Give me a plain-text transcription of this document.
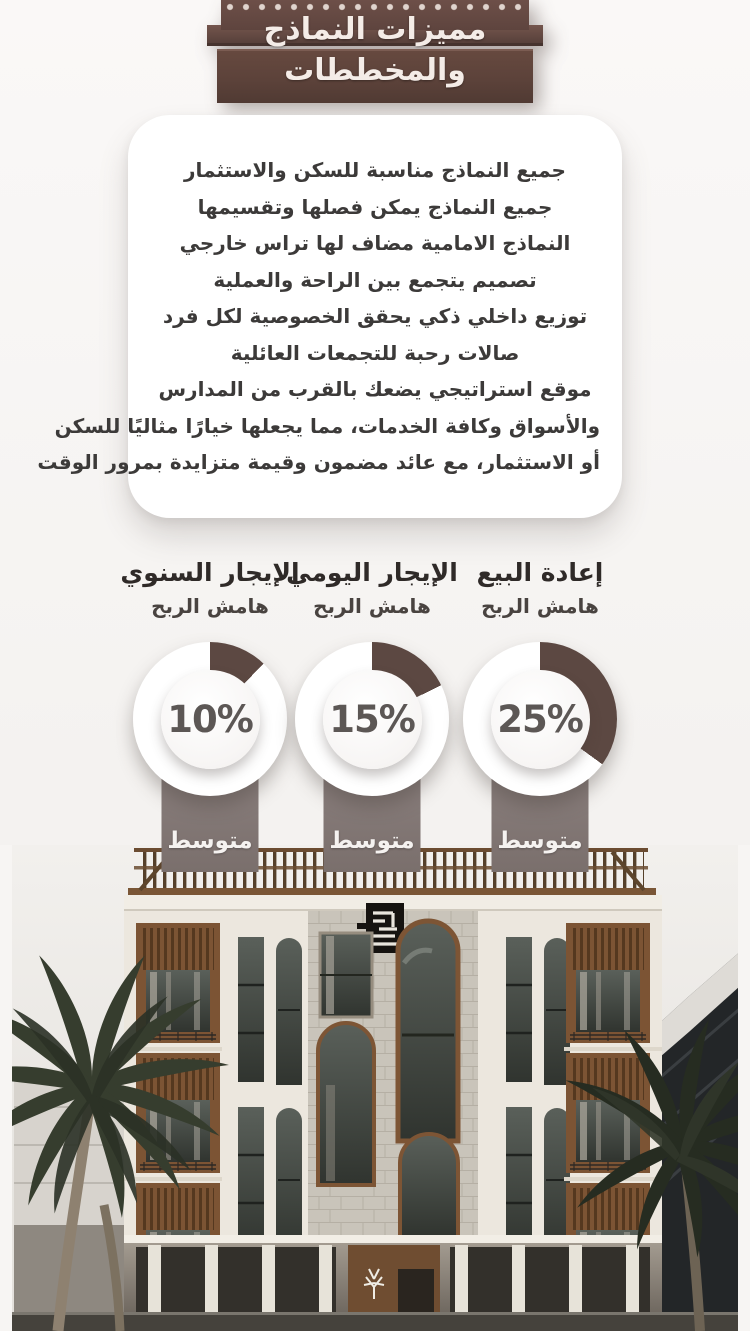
مميزات النماذج
والمخططات
جميع النماذج مناسبة للسكن والاستثمار
جميع النماذج يمكن فصلها وتقسيمها
النماذج الامامية مضاف لها تراس خارجي
تصميم يتجمع بين الراحة والعملية
توزيع داخلي ذكي يحقق الخصوصية لكل فرد
صالات رحبة للتجمعات العائلية
موقع استراتيجي يضعك بالقرب من المدارس
والأسواق وكافة الخدمات، مما يجعلها خيارًا مثاليًا للسكن
أو الاستثمار، مع عائد مضمون وقيمة متزايدة بمرور الوقت
الإيجار السنوي
هامش الربح
10%
متوسط
الإيجار اليومي
هامش الربح
15%
متوسط
إعادة البيع
هامش الربح
25%
متوسط
